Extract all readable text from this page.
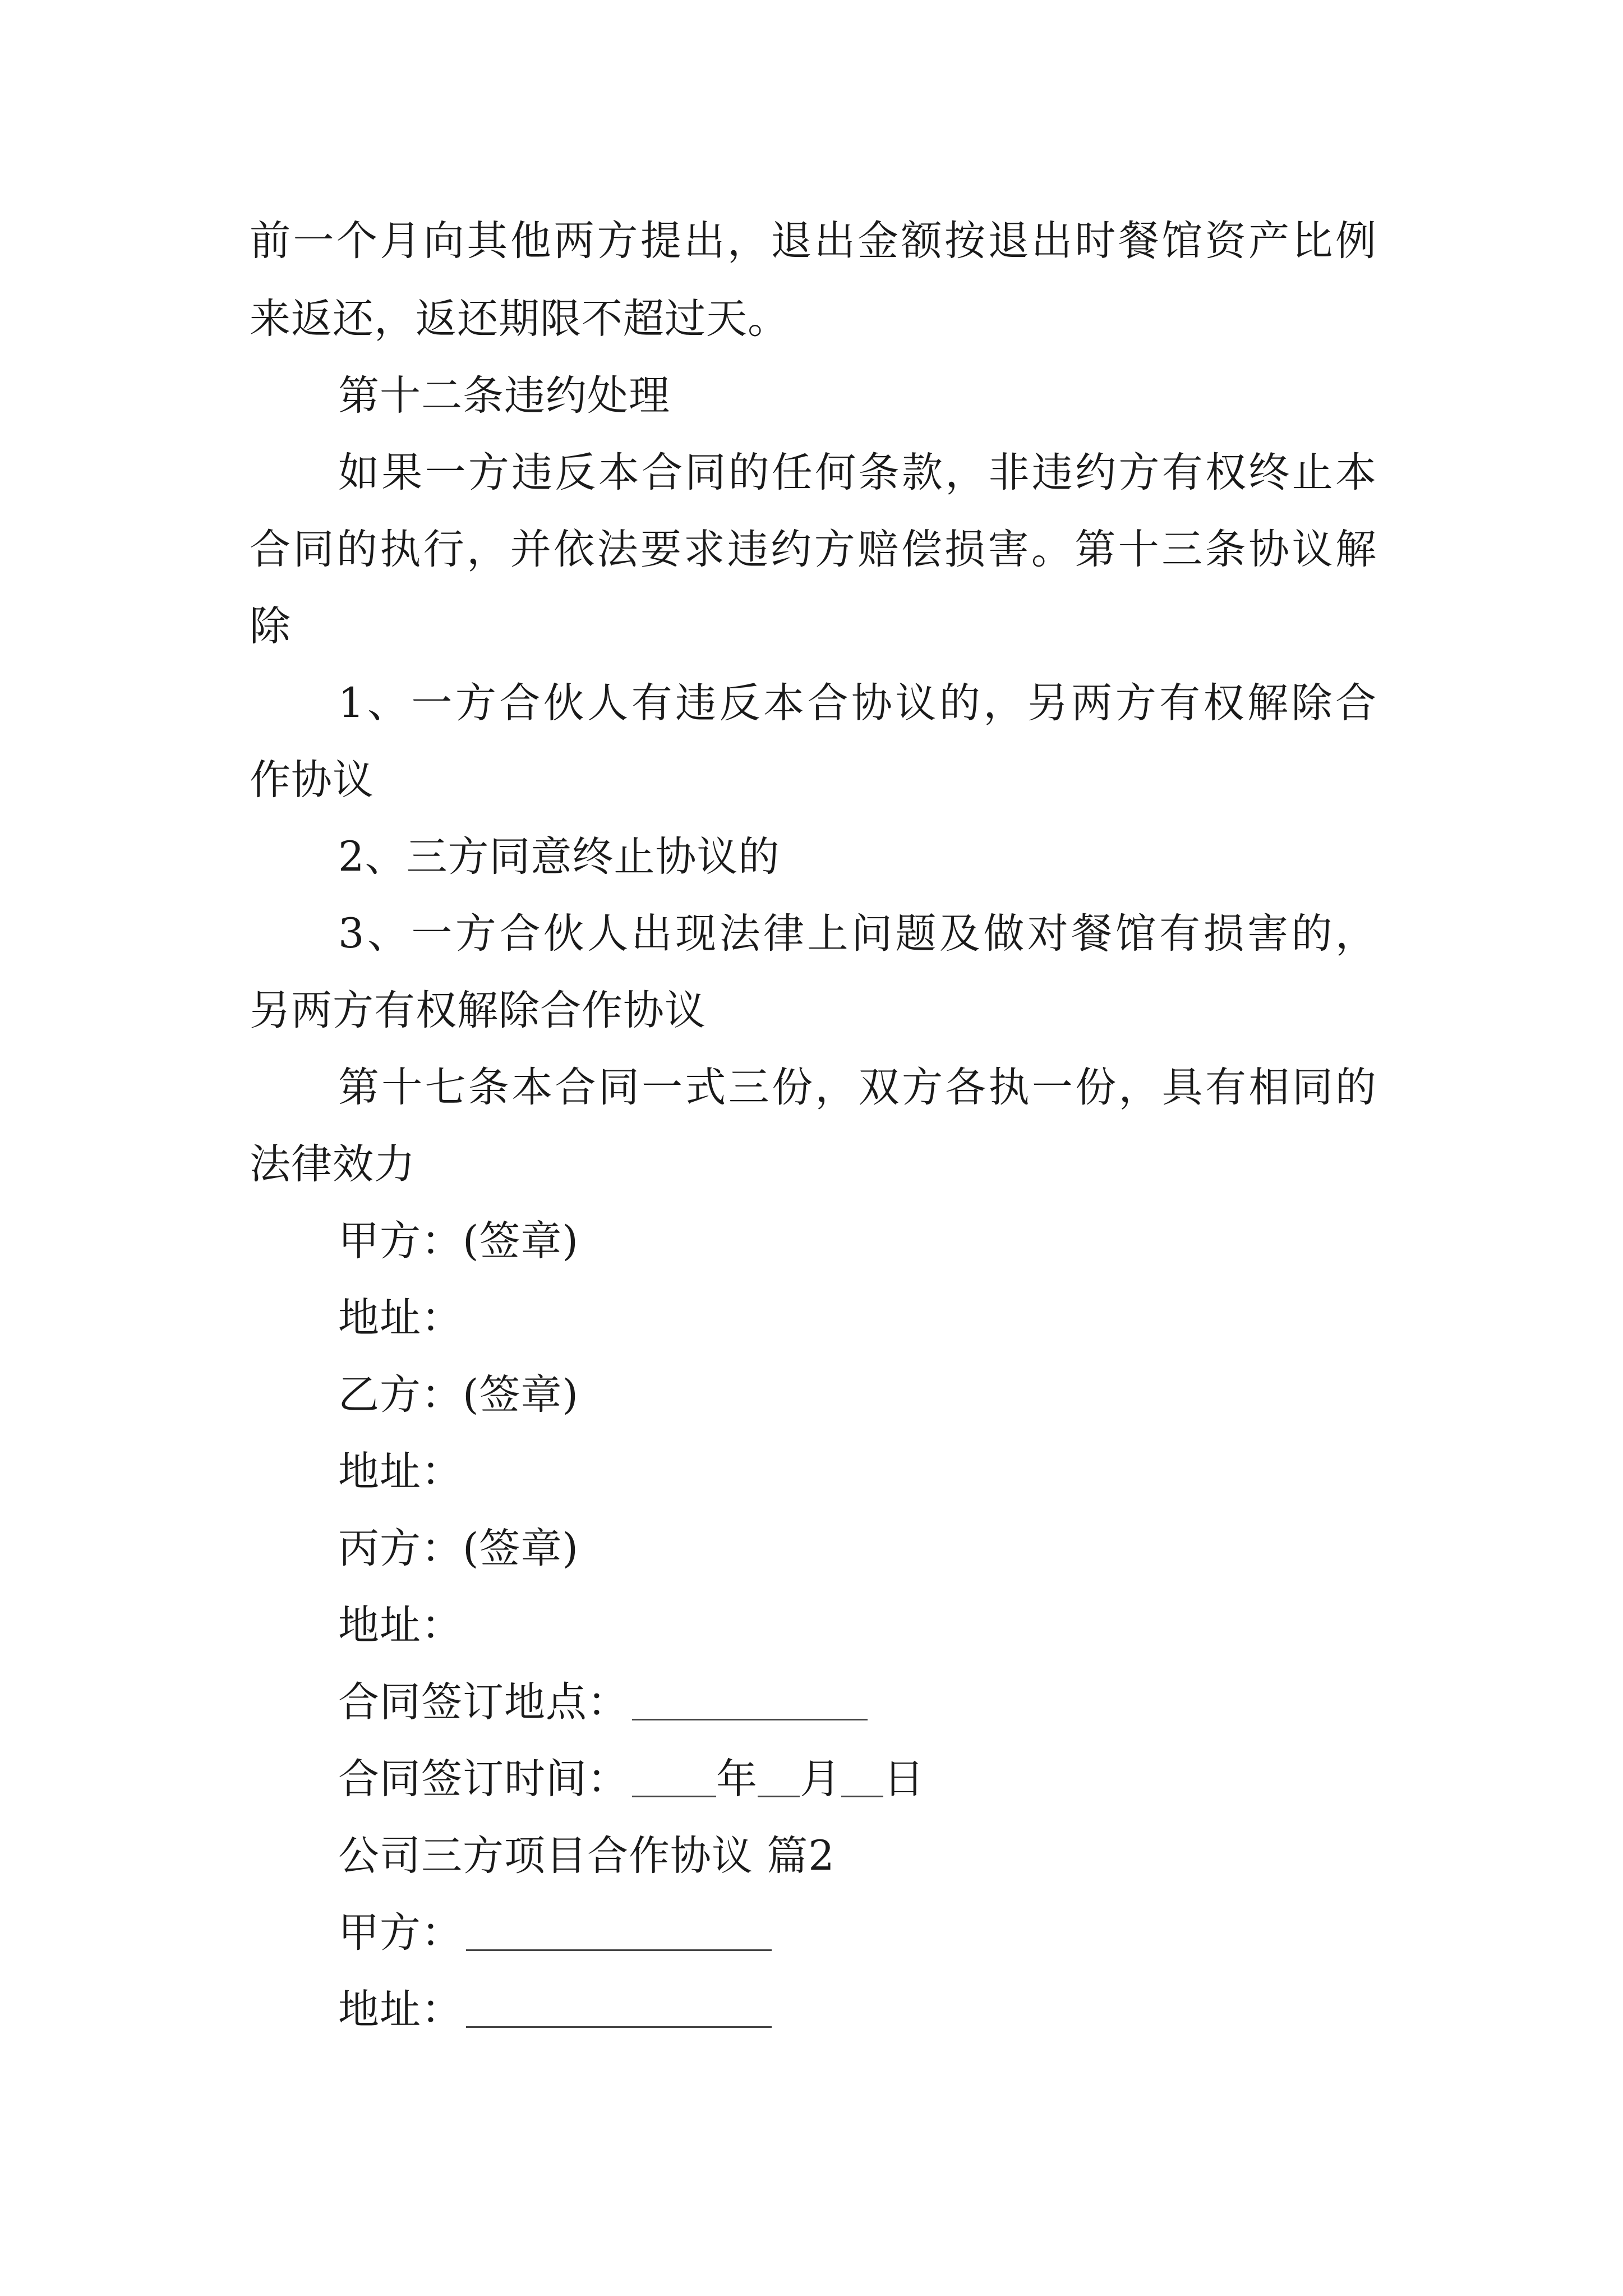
前一个月向其他两方提出，退出金额按退出时餐馆资产比例
来返还，返还期限不超过天。
第十二条违约处理
如果一方违反本合同的任何条款，非违约方有权终止本
合同的执行，并依法要求违约方赔偿损害。第十三条协议解
除
1、一方合伙人有违反本合协议的，另两方有权解除合
作协议
2、三方同意终止协议的
3、一方合伙人出现法律上问题及做对餐馆有损害的，
另两方有权解除合作协议
第十七条本合同一式三份，双方各执一份，具有相同的
法律效力
甲方：(签章)
地址：
乙方：(签章)
地址：
丙方：(签章)
地址：
合同签订地点：
合同签订时间： 年 月 日
公司三方项目合作协议 篇2
甲方：
地址：
